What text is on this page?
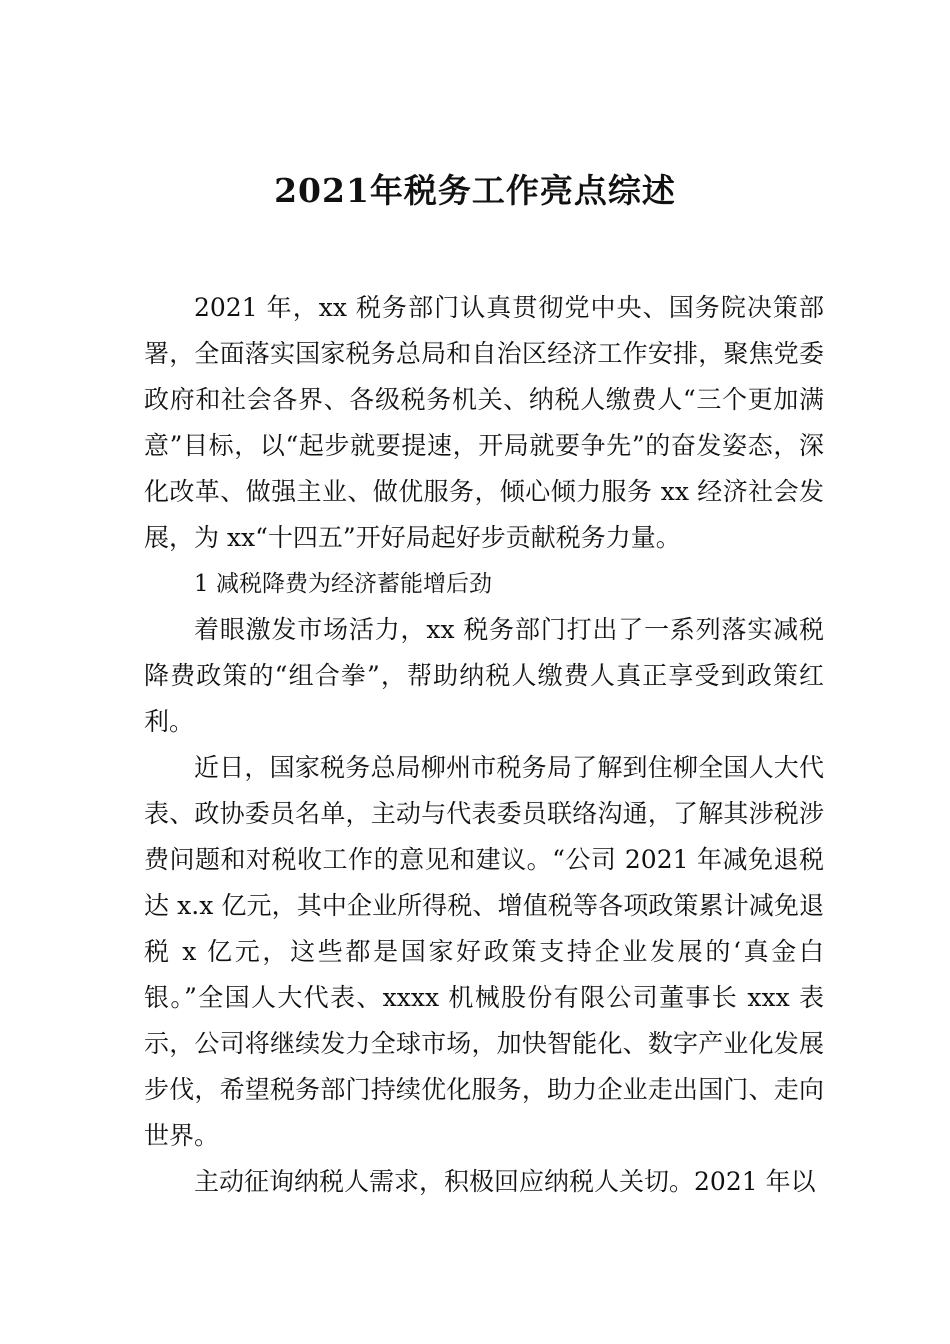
2021年税务工作亮点综述

2021 年，xx 税务部门认真贯彻党中央、国务院决策部署，全面落实国家税务总局和自治区经济工作安排，聚焦党委政府和社会各界、各级税务机关、纳税人缴费人“三个更加满意”目标，以“起步就要提速，开局就要争先”的奋发姿态，深化改革、做强主业、做优服务，倾心倾力服务 xx 经济社会发展，为 xx“十四五”开好局起好步贡献税务力量。

1 减税降费为经济蓄能增后劲

着眼激发市场活力，xx 税务部门打出了一系列落实减税降费政策的“组合拳”，帮助纳税人缴费人真正享受到政策红利。

近日，国家税务总局柳州市税务局了解到住柳全国人大代表、政协委员名单，主动与代表委员联络沟通，了解其涉税涉费问题和对税收工作的意见和建议。“公司 2021 年减免退税达 x.x 亿元，其中企业所得税、增值税等各项政策累计减免退税 x 亿元，这些都是国家好政策支持企业发展的‘真金白银。”全国人大代表、xxxx 机械股份有限公司董事长 xxx 表示，公司将继续发力全球市场，加快智能化、数字产业化发展步伐，希望税务部门持续优化服务，助力企业走出国门、走向世界。

主动征询纳税人需求，积极回应纳税人关切。2021 年以
